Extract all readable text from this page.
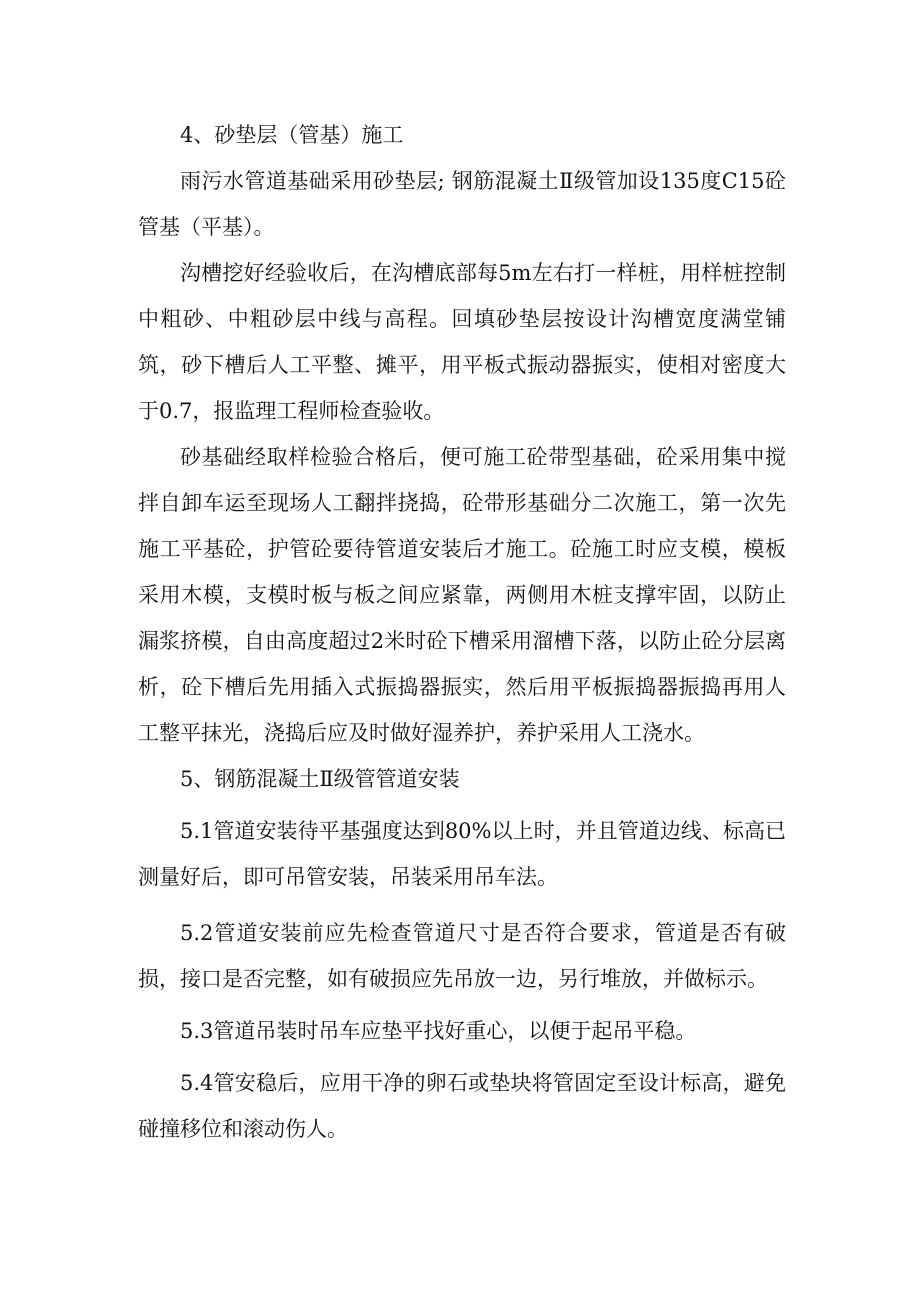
4、砂垫层（管基）施工

雨污水管道基础采用砂垫层; 钢筋混凝土Ⅱ级管加设135度C15砼管基（平基）。

沟槽挖好经验收后，在沟槽底部每5m左右打一样桩，用样桩控制中粗砂、中粗砂层中线与高程。回填砂垫层按设计沟槽宽度满堂铺筑，砂下槽后人工平整、摊平，用平板式振动器振实，使相对密度大于0.7，报监理工程师检查验收。

砂基础经取样检验合格后，便可施工砼带型基础，砼采用集中搅拌自卸车运至现场人工翻拌挠捣，砼带形基础分二次施工，第一次先施工平基砼，护管砼要待管道安装后才施工。砼施工时应支模，模板采用木模，支模时板与板之间应紧靠，两侧用木桩支撑牢固，以防止漏浆挤模，自由高度超过2米时砼下槽采用溜槽下落，以防止砼分层离析，砼下槽后先用插入式振捣器振实，然后用平板振捣器振捣再用人工整平抹光，浇捣后应及时做好湿养护，养护采用人工浇水。

5、钢筋混凝土Ⅱ级管管道安装

5.1管道安装待平基强度达到80%以上时，并且管道边线、标高已测量好后，即可吊管安装，吊装采用吊车法。

5.2管道安装前应先检查管道尺寸是否符合要求，管道是否有破损，接口是否完整，如有破损应先吊放一边，另行堆放，并做标示。

5.3管道吊装时吊车应垫平找好重心，以便于起吊平稳。

5.4管安稳后，应用干净的卵石或垫块将管固定至设计标高，避免碰撞移位和滚动伤人。
